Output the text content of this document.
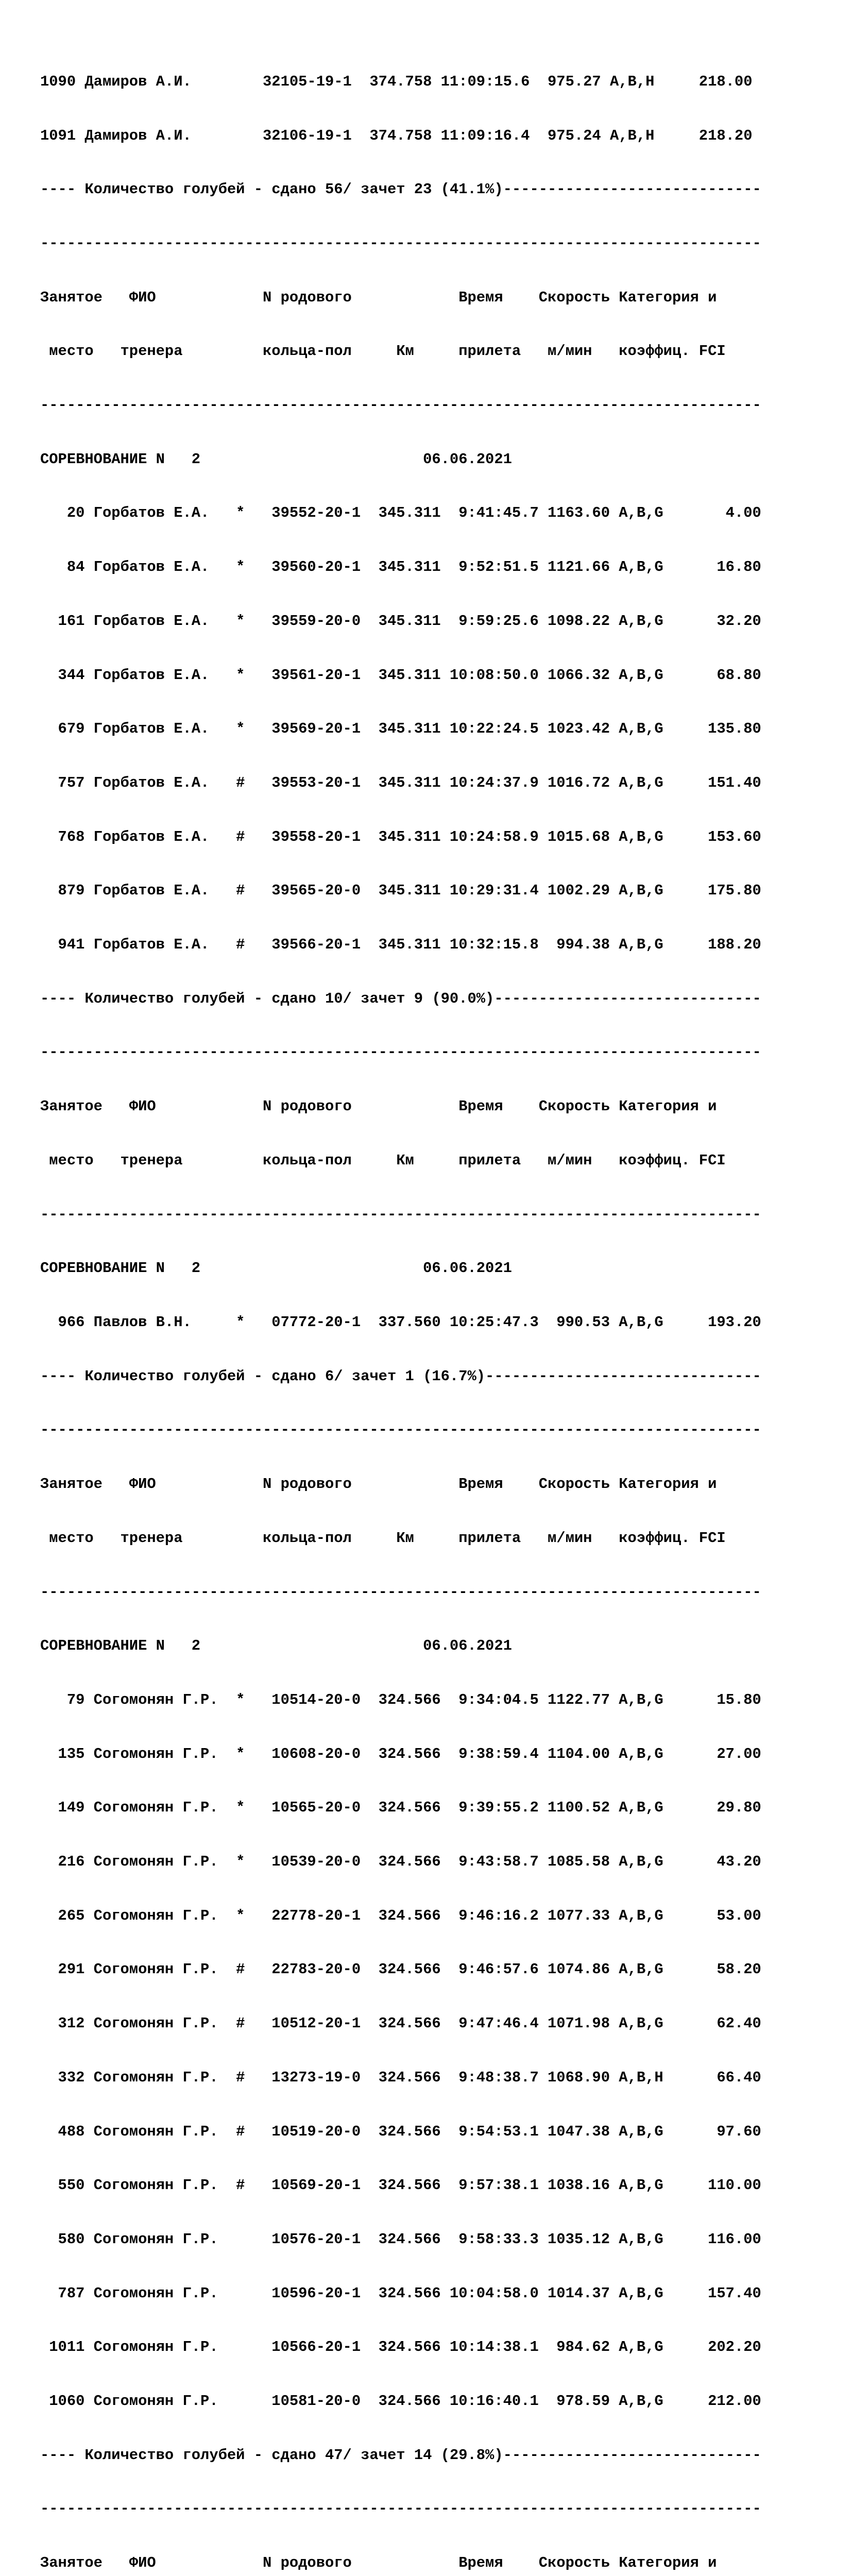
1090 Дамиров А.И.        32105-19-1  374.758 11:09:15.6  975.27 A,B,H     218.00

1091 Дамиров А.И.        32106-19-1  374.758 11:09:16.4  975.24 A,B,H     218.20

---- Количество голубей - сдано 56/ зачет 23 (41.1%)-----------------------------

---------------------------------------------------------------------------------

Занятое   ФИО            N родового            Время    Скорость Категория и

место   тренера         кольца-пол     Км     прилета   м/мин   коэффиц. FCI

---------------------------------------------------------------------------------

СОРЕВНОВАНИЕ N   2                         06.06.2021

20 Горбатов Е.А.   *   39552-20-1  345.311  9:41:45.7 1163.60 A,B,G       4.00

84 Горбатов Е.А.   *   39560-20-1  345.311  9:52:51.5 1121.66 A,B,G      16.80

161 Горбатов Е.А.   *   39559-20-0  345.311  9:59:25.6 1098.22 A,B,G      32.20

344 Горбатов Е.А.   *   39561-20-1  345.311 10:08:50.0 1066.32 A,B,G      68.80

679 Горбатов Е.А.   *   39569-20-1  345.311 10:22:24.5 1023.42 A,B,G     135.80

757 Горбатов Е.А.   #   39553-20-1  345.311 10:24:37.9 1016.72 A,B,G     151.40

768 Горбатов Е.А.   #   39558-20-1  345.311 10:24:58.9 1015.68 A,B,G     153.60

879 Горбатов Е.А.   #   39565-20-0  345.311 10:29:31.4 1002.29 A,B,G     175.80

941 Горбатов Е.А.   #   39566-20-1  345.311 10:32:15.8  994.38 A,B,G     188.20

---- Количество голубей - сдано 10/ зачет 9 (90.0%)------------------------------

---------------------------------------------------------------------------------

Занятое   ФИО            N родового            Время    Скорость Категория и

место   тренера         кольца-пол     Км     прилета   м/мин   коэффиц. FCI

---------------------------------------------------------------------------------

СОРЕВНОВАНИЕ N   2                         06.06.2021

966 Павлов В.Н.     *   07772-20-1  337.560 10:25:47.3  990.53 A,B,G     193.20

---- Количество голубей - сдано 6/ зачет 1 (16.7%)-------------------------------

---------------------------------------------------------------------------------

Занятое   ФИО            N родового            Время    Скорость Категория и

место   тренера         кольца-пол     Км     прилета   м/мин   коэффиц. FCI

---------------------------------------------------------------------------------

СОРЕВНОВАНИЕ N   2                         06.06.2021

79 Согомонян Г.Р.  *   10514-20-0  324.566  9:34:04.5 1122.77 A,B,G      15.80

135 Согомонян Г.Р.  *   10608-20-0  324.566  9:38:59.4 1104.00 A,B,G      27.00

149 Согомонян Г.Р.  *   10565-20-0  324.566  9:39:55.2 1100.52 A,B,G      29.80

216 Согомонян Г.Р.  *   10539-20-0  324.566  9:43:58.7 1085.58 A,B,G      43.20

265 Согомонян Г.Р.  *   22778-20-1  324.566  9:46:16.2 1077.33 A,B,G      53.00

291 Согомонян Г.Р.  #   22783-20-0  324.566  9:46:57.6 1074.86 A,B,G      58.20

312 Согомонян Г.Р.  #   10512-20-1  324.566  9:47:46.4 1071.98 A,B,G      62.40

332 Согомонян Г.Р.  #   13273-19-0  324.566  9:48:38.7 1068.90 A,B,H      66.40

488 Согомонян Г.Р.  #   10519-20-0  324.566  9:54:53.1 1047.38 A,B,G      97.60

550 Согомонян Г.Р.  #   10569-20-1  324.566  9:57:38.1 1038.16 A,B,G     110.00

580 Согомонян Г.Р.      10576-20-1  324.566  9:58:33.3 1035.12 A,B,G     116.00

787 Согомонян Г.Р.      10596-20-1  324.566 10:04:58.0 1014.37 A,B,G     157.40

1011 Согомонян Г.Р.      10566-20-1  324.566 10:14:38.1  984.62 A,B,G     202.20

1060 Согомонян Г.Р.      10581-20-0  324.566 10:16:40.1  978.59 A,B,G     212.00

---- Количество голубей - сдано 47/ зачет 14 (29.8%)-----------------------------

---------------------------------------------------------------------------------

Занятое   ФИО            N родового            Время    Скорость Категория и
